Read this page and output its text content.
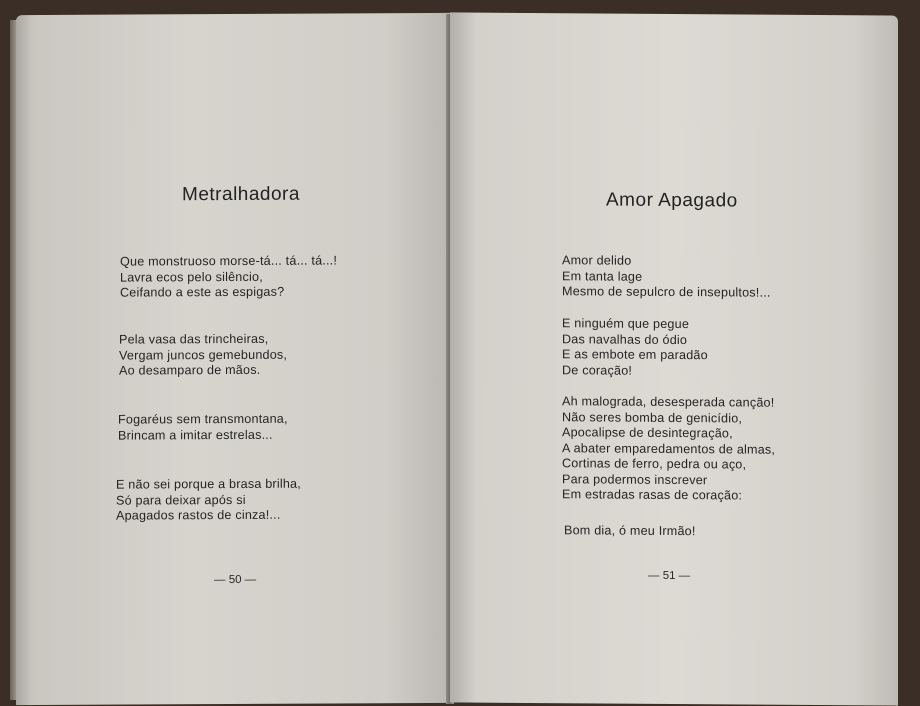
Metralhadora
Que monstruoso morse-tá... tá... tá...!
Lavra ecos pelo silêncio,
Ceifando a este as espigas?
Pela vasa das trincheiras,
Vergam juncos gemebundos,
Ao desamparo de mãos.
Fogaréus sem transmontana,
Brincam a imitar estrelas...
E não sei porque a brasa brilha,
Só para deixar após si
Apagados rastos de cinza!...
— 50 —
Amor Apagado
Amor delido
Em tanta lage
Mesmo de sepulcro de insepultos!...
E ninguém que pegue
Das navalhas do ódio
E as embote em paradão
De coração!
Ah malograda, desesperada canção!
Não seres bomba de genicídio,
Apocalipse de desintegração,
A abater emparedamentos de almas,
Cortinas de ferro, pedra ou aço,
Para podermos inscrever
Em estradas rasas de coração:
Bom dia, ó meu Irmão!
— 51 —
